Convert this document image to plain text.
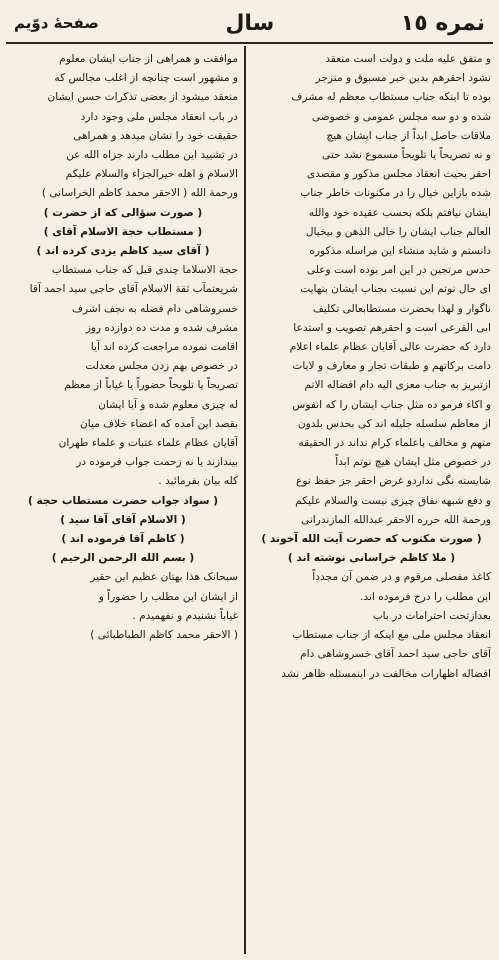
نمره ١٥
سال
صفحهٔ دوّیم
و متفق علیه ملت و دولت است منعقد
نشود احقرهم بدین خبر مسبوق و منزجر
بوده تا اینکه جناب مستطاب معظم له مشرف
شده و دو سه مجلس عمومی و خصوصی
ملاقات حاصل ابداً از جناب ایشان هیچ
و نه تصریحاً یا تلویحاً مسموع نشد حتی
احقر بحیث انعقاد مجلس مذکور و مقصدی
شده بازاین خیال را در مکنونات خاطر جناب
ایشان نیافتم بلکه بحسب عقیده خود والله
العالم جناب ایشان را خالی الذهن و بیخیال
دانستم و شاید منشاء این مراسله مذکوره
حدس مرتجین در این امر بوده است وعلی
ای حال نوتم این نسبت بجناب ایشان بنهایت
ناگوار و لهذا بحضرت مستطابعالی تکلیف
ابی القرعی است و احقرهم تصویب و استدعا
دارد که حضرت عالی آقایان عظام علماء اعلام
دامت برکاتهم و طبقات تجار و معارف و لایات
ازتبریز به جناب معزی الیه دام افضاله الاتم
و اکاء فرمو ده مثل جناب ایشان را که انفوس
از معاظم سلسله جلیله اند کی بحدس بلدون
متهم و مخالف باعلماء کرام نداند در الحقیقه
در خصوص مثل ایشان هیچ نوتم ابداً
شایسته نگی نداردو غرض احقر جز حفظ نوع
و دفع شبهه نفاق چیزی نیست والسلام علیکم
ورحمة الله حرره الاحقر عبدالله المازندرانی
( صورت مکتوب که حضرت آیت الله آخوند )
( ملا کاظم خراسانی نوشته اند )
کاغذ مفصلی مرقوم و در ضمن آن مجدداً
این مطلب را درج فرموده اند.
بعدازتحت احترامات در باب
انعقاد مجلس ملی مع اینکه از جناب مستطاب
آقای حاجی سید احمد آقای خسروشاهی دام
افضاله اظهارات مخالفت در اینمسئله ظاهر نشد
موافقت و همراهی از جناب ایشان معلوم
و مشهور است چنانچه از اغلب مجالس که
منعقد میشود از بعضی تذکرات حسن ایشان
در باب انعقاد مجلس ملی وجود دارد
حقیقت خود را نشان میدهد و همراهی
در تشیید این مطلب دارند جزاه الله عن
الاسلام و اهله خیرالجزاء والسلام علیکم
ورحمة الله ( الاحقر محمد کاظم الخراسانی )
( صورت سؤالی که از حضرت )
( مستطاب حجة الاسلام آقای )
( آقای سید کاظم یزدی کرده اند )
حجة الاسلاما چندی قبل که جناب مستطاب
شریعتمآب ثقة الاسلام آقای حاجی سید احمد آقا
خسروشاهی دام فضله به نجف اشرف
مشرف شده و مدت ده دوازده روز
اقامت نموده مراجعت کرده اند آیا
در خصوص بهم زدن مجلس معدلت
تصریحاً یا تلویحاً حضوراً یا غیاباً از معظم
له چیزی معلوم شده و آیا ایشان
بقصد این آمده که اعضاء خلاف میان
آقایان عظام علماء عتبات و علماء طهران
بیندازند یا نه زحمت جواب فرموده در
کله بیان بفرمائید .
( سواد جواب حضرت مستطاب حجة )
( الاسلام آقای آقا سید )
( کاظم آقا فرموده اند )
( بسم الله الرحمن الرحیم )
سبحانک هذا بهتان عظیم این حقیر
از ایشان این مطلب را حضوراً و
غیاباً نشنیدم و نفهمیدم .
( الاحقر محمد کاظم الطباطبائی )
